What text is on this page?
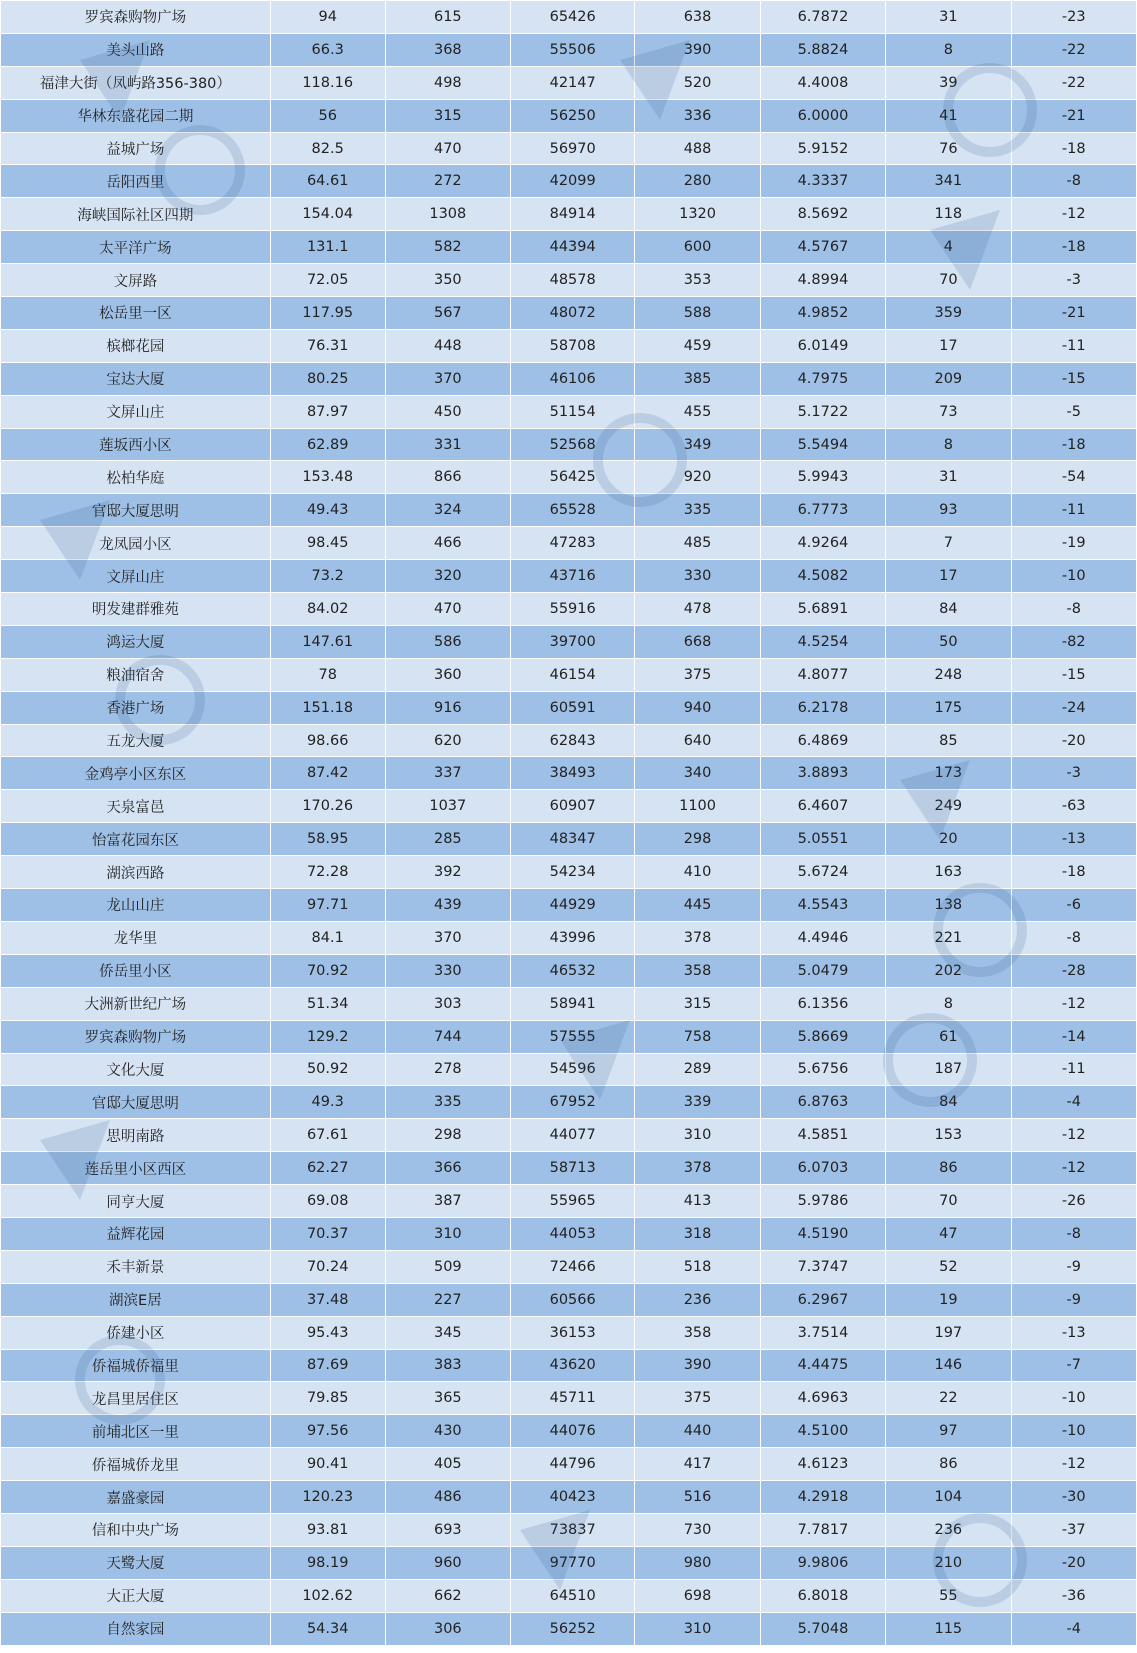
罗宾森购物广场	94	615	65426	638	6.7872	31	-23
美头山路	66.3	368	55506	390	5.8824	8	-22
福津大街（凤屿路356-380）	118.16	498	42147	520	4.4008	39	-22
华林东盛花园二期	56	315	56250	336	6.0000	41	-21
益城广场	82.5	470	56970	488	5.9152	76	-18
岳阳西里	64.61	272	42099	280	4.3337	341	-8
海峡国际社区四期	154.04	1308	84914	1320	8.5692	118	-12
太平洋广场	131.1	582	44394	600	4.5767	4	-18
文屏路	72.05	350	48578	353	4.8994	70	-3
松岳里一区	117.95	567	48072	588	4.9852	359	-21
槟榔花园	76.31	448	58708	459	6.0149	17	-11
宝达大厦	80.25	370	46106	385	4.7975	209	-15
文屏山庄	87.97	450	51154	455	5.1722	73	-5
莲坂西小区	62.89	331	52568	349	5.5494	8	-18
松柏华庭	153.48	866	56425	920	5.9943	31	-54
官邸大厦思明	49.43	324	65528	335	6.7773	93	-11
龙凤园小区	98.45	466	47283	485	4.9264	7	-19
文屏山庄	73.2	320	43716	330	4.5082	17	-10
明发建群雅苑	84.02	470	55916	478	5.6891	84	-8
鸿运大厦	147.61	586	39700	668	4.5254	50	-82
粮油宿舍	78	360	46154	375	4.8077	248	-15
香港广场	151.18	916	60591	940	6.2178	175	-24
五龙大厦	98.66	620	62843	640	6.4869	85	-20
金鸡亭小区东区	87.42	337	38493	340	3.8893	173	-3
天泉富邑	170.26	1037	60907	1100	6.4607	249	-63
怡富花园东区	58.95	285	48347	298	5.0551	20	-13
湖滨西路	72.28	392	54234	410	5.6724	163	-18
龙山山庄	97.71	439	44929	445	4.5543	138	-6
龙华里	84.1	370	43996	378	4.4946	221	-8
侨岳里小区	70.92	330	46532	358	5.0479	202	-28
大洲新世纪广场	51.34	303	58941	315	6.1356	8	-12
罗宾森购物广场	129.2	744	57555	758	5.8669	61	-14
文化大厦	50.92	278	54596	289	5.6756	187	-11
官邸大厦思明	49.3	335	67952	339	6.8763	84	-4
思明南路	67.61	298	44077	310	4.5851	153	-12
莲岳里小区西区	62.27	366	58713	378	6.0703	86	-12
同亨大厦	69.08	387	55965	413	5.9786	70	-26
益辉花园	70.37	310	44053	318	4.5190	47	-8
禾丰新景	70.24	509	72466	518	7.3747	52	-9
湖滨E居	37.48	227	60566	236	6.2967	19	-9
侨建小区	95.43	345	36153	358	3.7514	197	-13
侨福城侨福里	87.69	383	43620	390	4.4475	146	-7
龙昌里居住区	79.85	365	45711	375	4.6963	22	-10
前埔北区一里	97.56	430	44076	440	4.5100	97	-10
侨福城侨龙里	90.41	405	44796	417	4.6123	86	-12
嘉盛豪园	120.23	486	40423	516	4.2918	104	-30
信和中央广场	93.81	693	73837	730	7.7817	236	-37
天鹭大厦	98.19	960	97770	980	9.9806	210	-20
大正大厦	102.62	662	64510	698	6.8018	55	-36
自然家园	54.34	306	56252	310	5.7048	115	-4
